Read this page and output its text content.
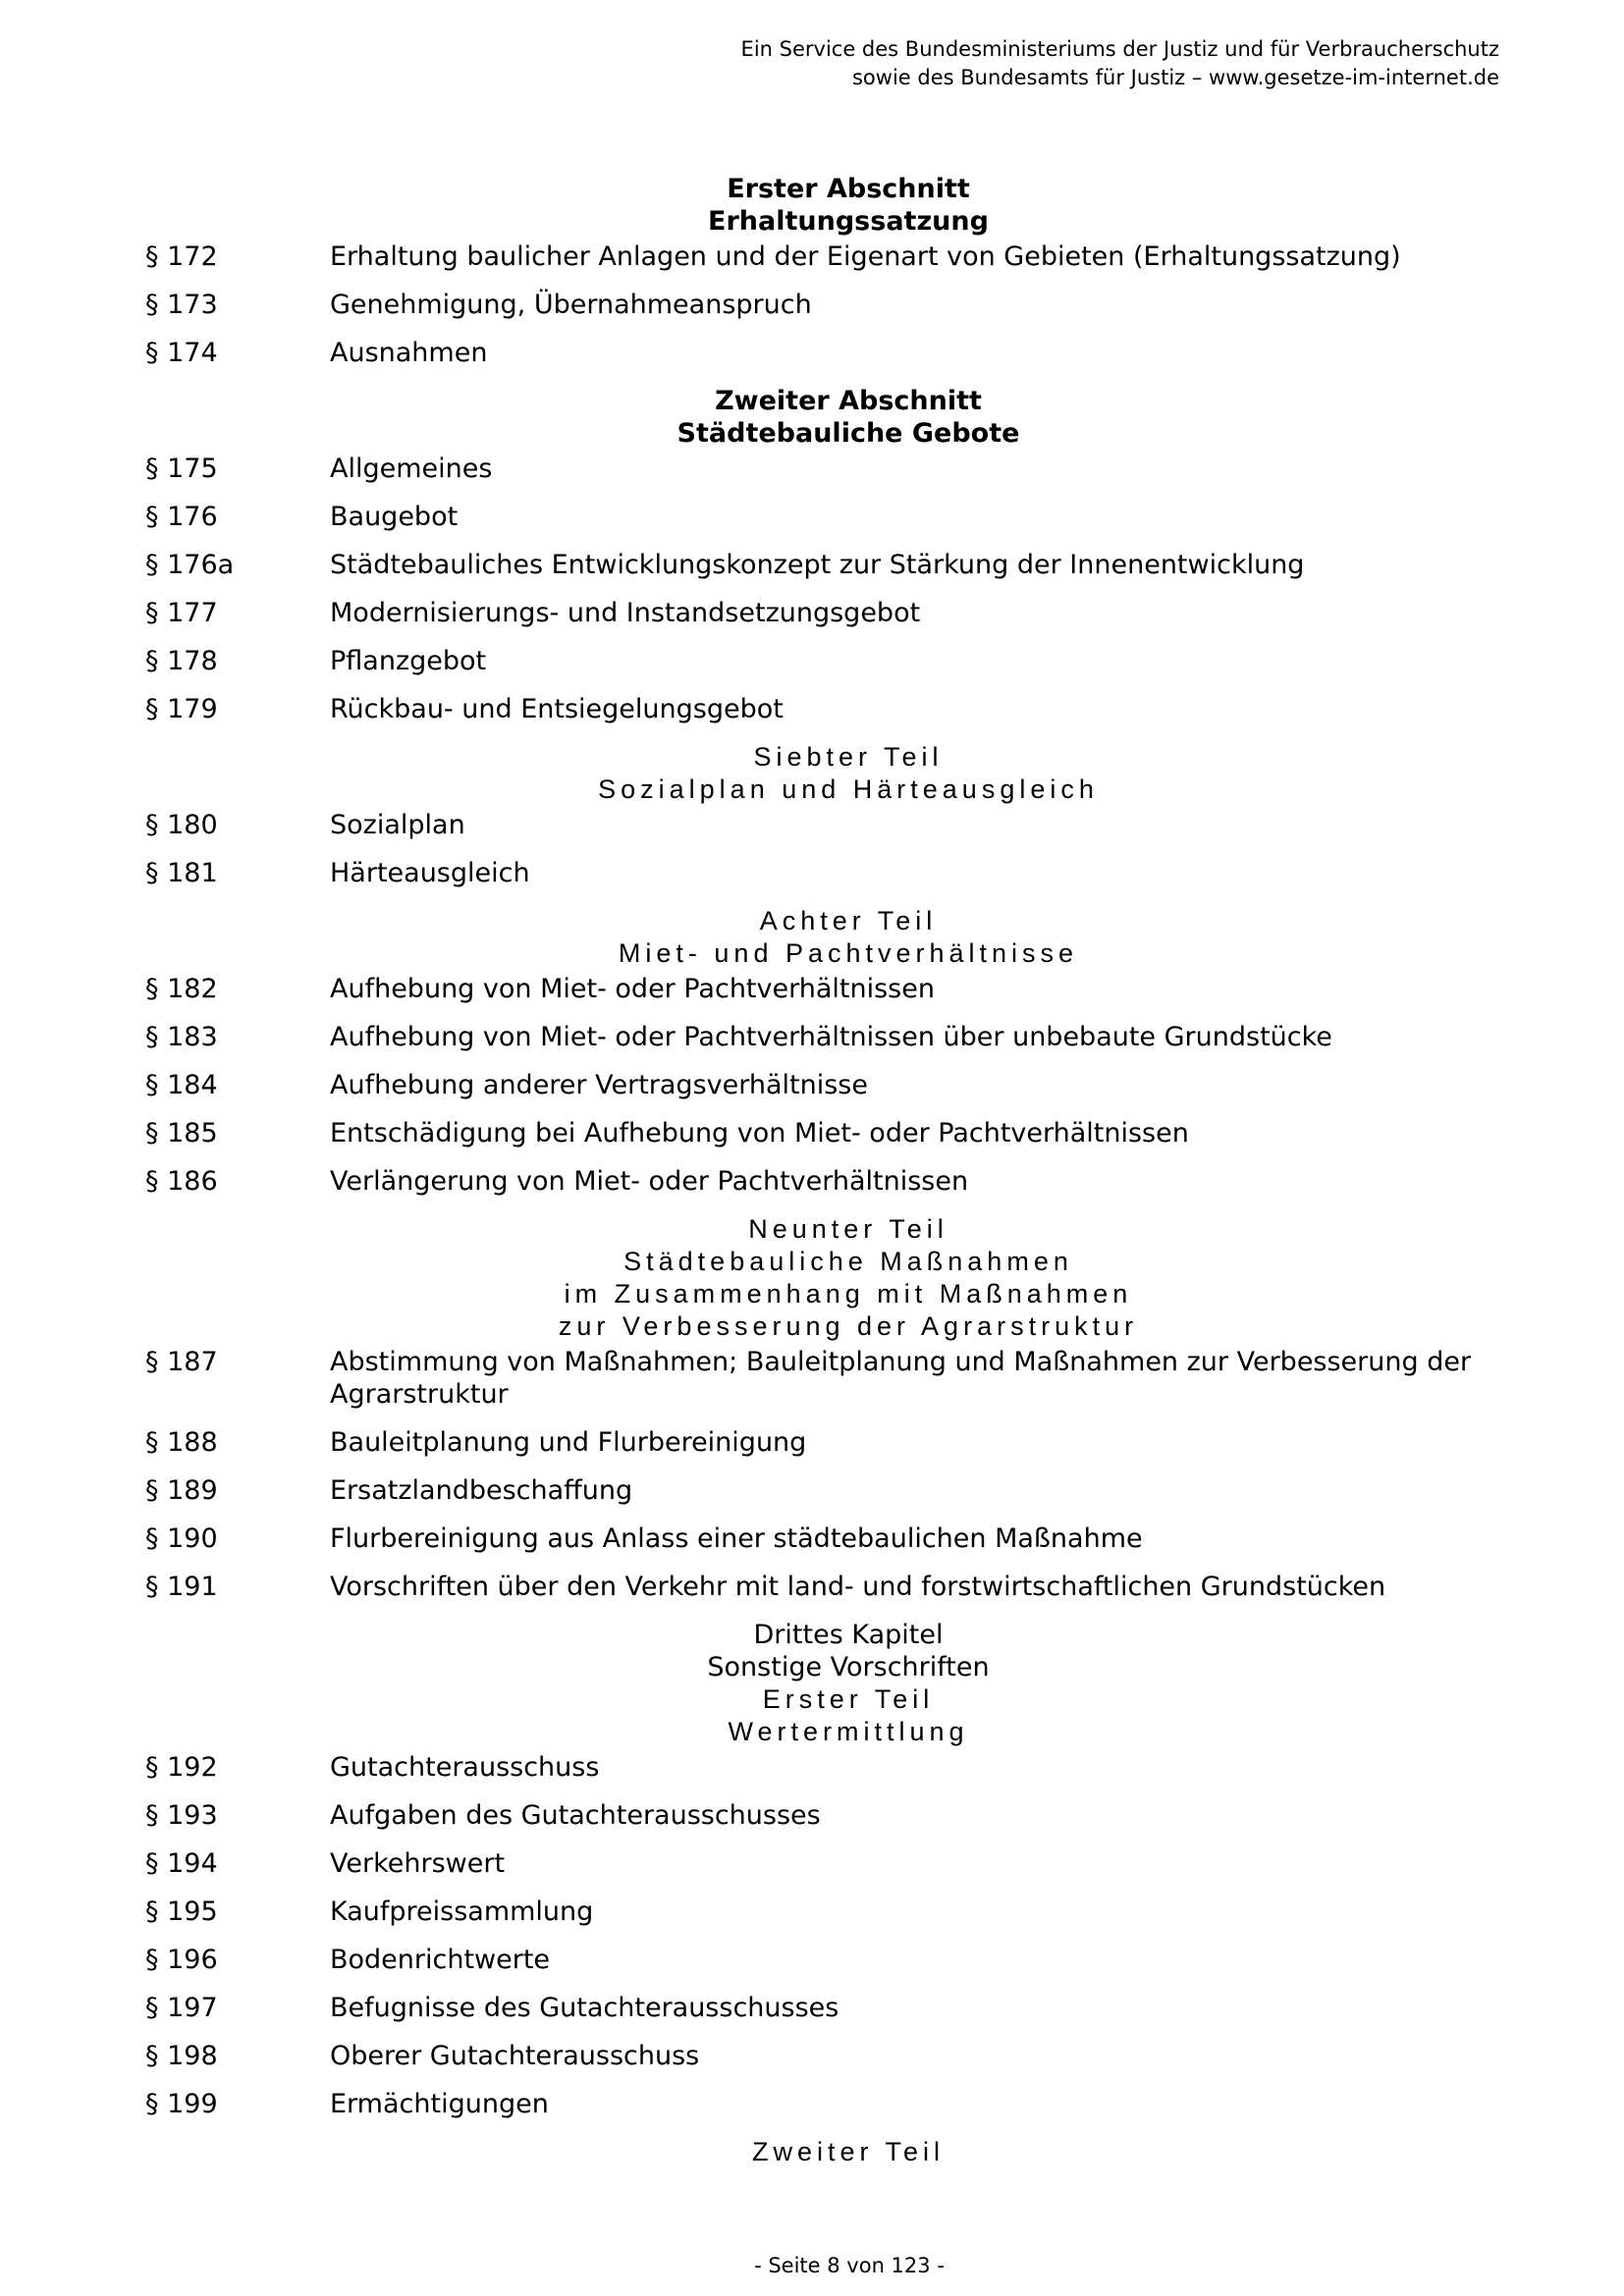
Ein Service des Bundesministeriums der Justiz und für Verbraucherschutz
sowie des Bundesamts für Justiz – www.gesetze-im-internet.de
Erster Abschnitt
Erhaltungssatzung
§ 172	Erhaltung baulicher Anlagen und der Eigenart von Gebieten (Erhaltungssatzung)
§ 173	Genehmigung, Übernahmeanspruch
§ 174	Ausnahmen
Zweiter Abschnitt
Städtebauliche Gebote
§ 175	Allgemeines
§ 176	Baugebot
§ 176a	Städtebauliches Entwicklungskonzept zur Stärkung der Innenentwicklung
§ 177	Modernisierungs- und Instandsetzungsgebot
§ 178	Pflanzgebot
§ 179	Rückbau- und Entsiegelungsgebot
Siebter Teil
Sozialplan und Härteausgleich
§ 180	Sozialplan
§ 181	Härteausgleich
Achter Teil
Miet- und Pachtverhältnisse
§ 182	Aufhebung von Miet- oder Pachtverhältnissen
§ 183	Aufhebung von Miet- oder Pachtverhältnissen über unbebaute Grundstücke
§ 184	Aufhebung anderer Vertragsverhältnisse
§ 185	Entschädigung bei Aufhebung von Miet- oder Pachtverhältnissen
§ 186	Verlängerung von Miet- oder Pachtverhältnissen
Neunter Teil
Städtebauliche Maßnahmen
im Zusammenhang mit Maßnahmen
zur Verbesserung der Agrarstruktur
§ 187	Abstimmung von Maßnahmen; Bauleitplanung und Maßnahmen zur Verbesserung der Agrarstruktur
§ 188	Bauleitplanung und Flurbereinigung
§ 189	Ersatzlandbeschaffung
§ 190	Flurbereinigung aus Anlass einer städtebaulichen Maßnahme
§ 191	Vorschriften über den Verkehr mit land- und forstwirtschaftlichen Grundstücken
Drittes Kapitel
Sonstige Vorschriften
Erster Teil
Wertermittlung
§ 192	Gutachterausschuss
§ 193	Aufgaben des Gutachterausschusses
§ 194	Verkehrswert
§ 195	Kaufpreissammlung
§ 196	Bodenrichtwerte
§ 197	Befugnisse des Gutachterausschusses
§ 198	Oberer Gutachterausschuss
§ 199	Ermächtigungen
Zweiter Teil
- Seite 8 von 123 -
